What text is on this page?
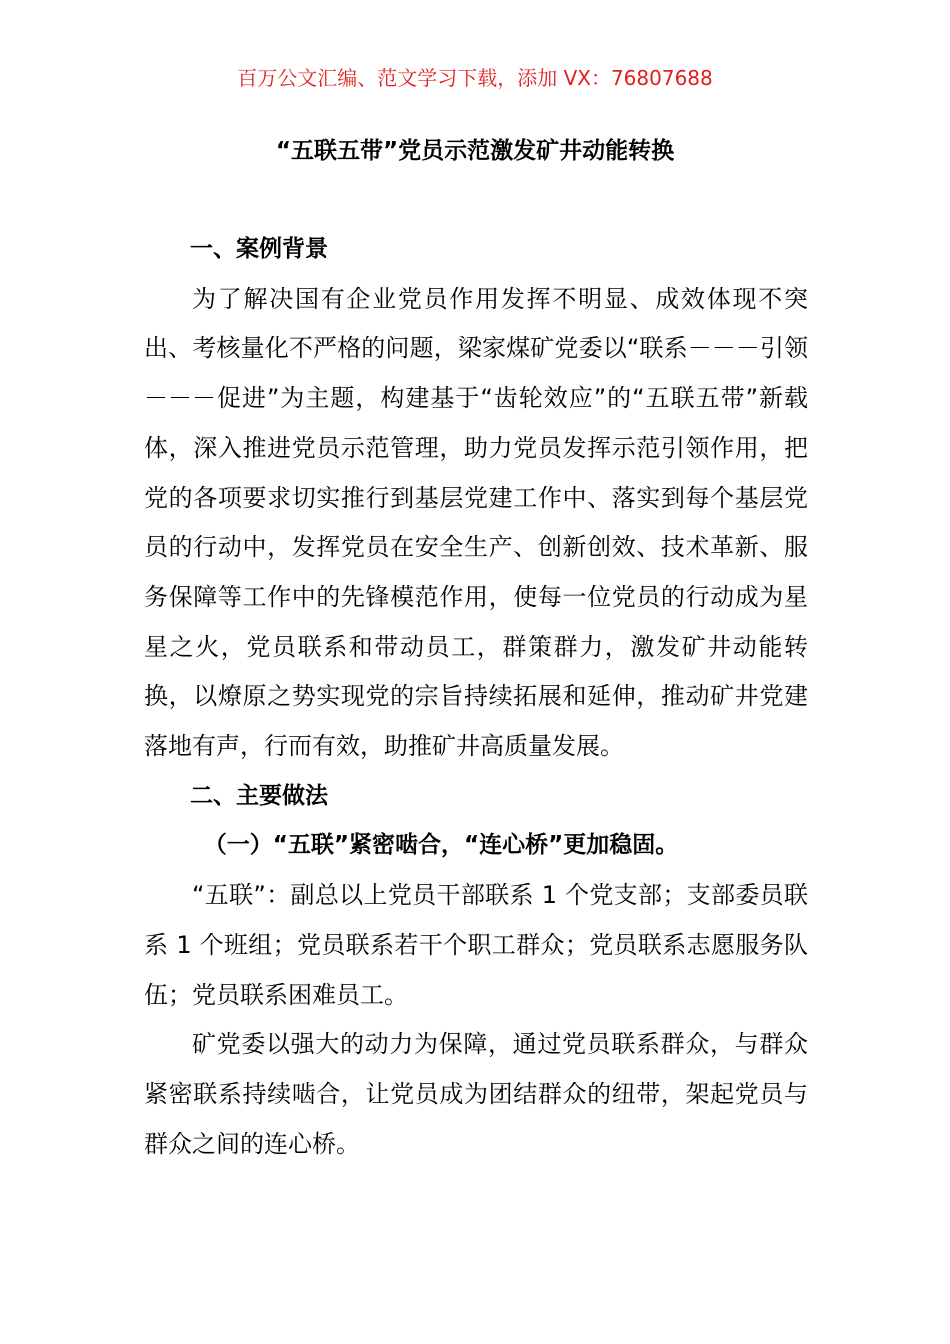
百万公文汇编、范文学习下载，添加 VX：76807688
“五联五带”党员示范激发矿井动能转换

一、案例背景

为了解决国有企业党员作用发挥不明显、成效体现不突出、考核量化不严格的问题，梁家煤矿党委以“联系－－－引领－－－促进”为主题，构建基于“齿轮效应”的“五联五带”新载体，深入推进党员示范管理，助力党员发挥示范引领作用，把党的各项要求切实推行到基层党建工作中、落实到每个基层党员的行动中，发挥党员在安全生产、创新创效、技术革新、服务保障等工作中的先锋模范作用，使每一位党员的行动成为星星之火，党员联系和带动员工，群策群力，激发矿井动能转换，以燎原之势实现党的宗旨持续拓展和延伸，推动矿井党建落地有声，行而有效，助推矿井高质量发展。

二、主要做法

（一）“五联”紧密啮合，“连心桥”更加稳固。

“五联”：副总以上党员干部联系 1 个党支部；支部委员联系 1 个班组；党员联系若干个职工群众；党员联系志愿服务队伍；党员联系困难员工。

矿党委以强大的动力为保障，通过党员联系群众，与群众紧密联系持续啮合，让党员成为团结群众的纽带，架起党员与群众之间的连心桥。
